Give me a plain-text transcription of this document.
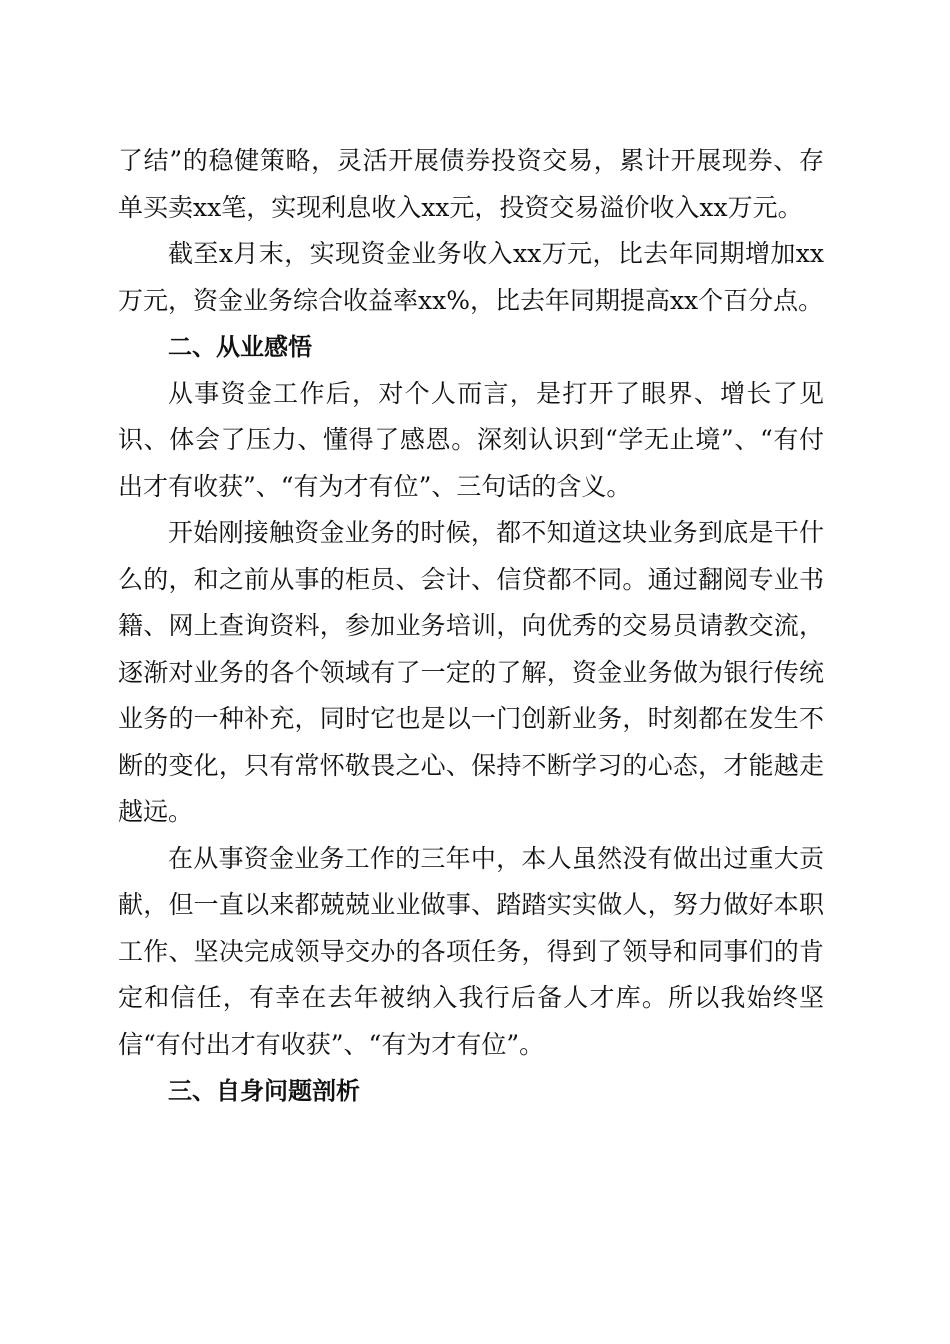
了结”的稳健策略，灵活开展债券投资交易，累计开展现券、存单买卖xx笔，实现利息收入xx元，投资交易溢价收入xx万元。

截至x月末，实现资金业务收入xx万元，比去年同期增加xx万元，资金业务综合收益率xx%，比去年同期提高xx个百分点。

二、从业感悟

从事资金工作后，对个人而言，是打开了眼界、增长了见识、体会了压力、懂得了感恩。深刻认识到“学无止境”、“有付出才有收获”、“有为才有位”、三句话的含义。

开始刚接触资金业务的时候，都不知道这块业务到底是干什么的，和之前从事的柜员、会计、信贷都不同。通过翻阅专业书籍、网上查询资料，参加业务培训，向优秀的交易员请教交流，逐渐对业务的各个领域有了一定的了解，资金业务做为银行传统业务的一种补充，同时它也是以一门创新业务，时刻都在发生不断的变化，只有常怀敬畏之心、保持不断学习的心态，才能越走越远。

在从事资金业务工作的三年中，本人虽然没有做出过重大贡献，但一直以来都兢兢业业做事、踏踏实实做人，努力做好本职工作、坚决完成领导交办的各项任务，得到了领导和同事们的肯定和信任，有幸在去年被纳入我行后备人才库。所以我始终坚信“有付出才有收获”、“有为才有位”。

三、自身问题剖析
